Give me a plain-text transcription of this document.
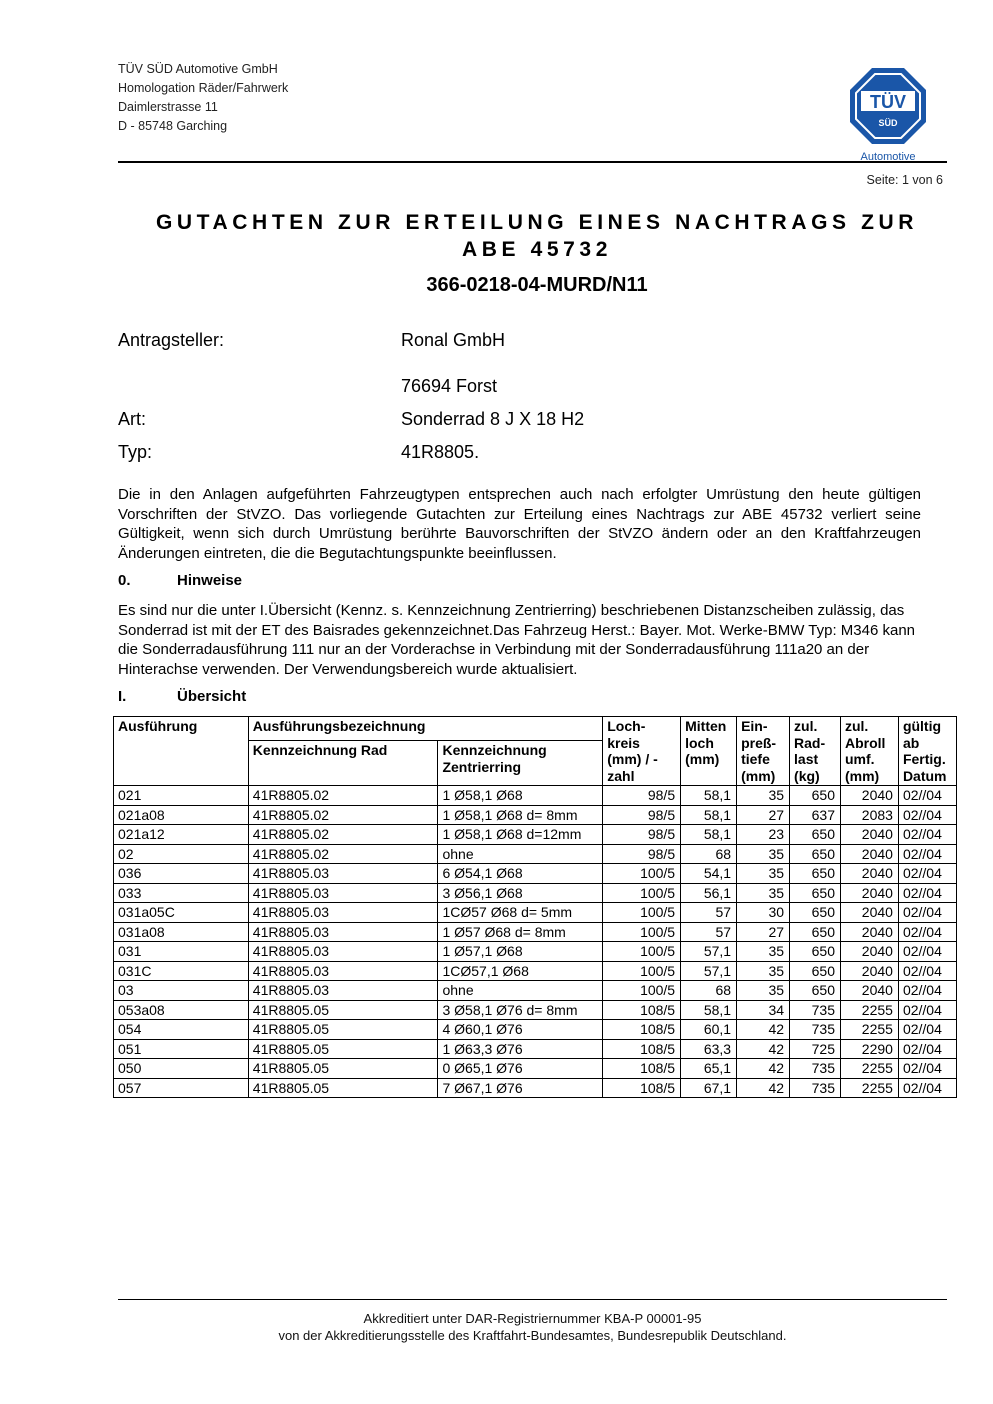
TÜV SÜD Automotive GmbH
Homologation Räder/Fahrwerk
Daimlerstrasse 11
D - 85748 Garching
TÜV
SÜD
Automotive
Seite: 1 von 6
GUTACHTEN ZUR ERTEILUNG EINES NACHTRAGS ZUR
ABE 45732
366-0218-04-MURD/N11
Antragsteller:	Ronal GmbH
76694 Forst
Art:	Sonderrad 8 J X 18 H2
Typ:	41R8805.
Die in den Anlagen aufgeführten Fahrzeugtypen entsprechen auch nach erfolgter Umrüstung den heute gültigen Vorschriften der StVZO. Das vorliegende Gutachten zur Erteilung eines Nachtrags zur ABE 45732 verliert seine Gültigkeit, wenn sich durch Umrüstung berührte Bauvorschriften der StVZO ändern oder an den Kraftfahrzeugen Änderungen eintreten, die die Begutachtungspunkte beeinflussen.
0.	Hinweise
Es sind nur die unter I.Übersicht (Kennz. s. Kennzeichnung Zentrierring) beschriebenen Distanzscheiben zulässig, das Sonderrad ist mit der ET des Baisrades gekennzeichnet.Das Fahrzeug Herst.: Bayer. Mot. Werke-BMW Typ: M346 kann die Sonderradausführung 111 nur an der Vorderachse in Verbindung mit der Sonderradausführung 111a20 an der Hinterachse verwenden. Der Verwendungsbereich wurde aktualisiert.
I.	Übersicht
Ausführung	Ausführungsbezeichnung		Loch-kreis (mm) / -zahl	Mitten loch (mm)	Ein-preß-tiefe (mm)	zul. Rad-last (kg)	zul. Abroll umf. (mm)	gültig ab Fertig. Datum
	Kennzeichnung Rad	Kennzeichnung Zentrierring						
021	41R8805.02	1 Ø58,1 Ø68	98/5	58,1	35	650	2040	02//04
021a08	41R8805.02	1 Ø58,1 Ø68 d= 8mm	98/5	58,1	27	637	2083	02//04
021a12	41R8805.02	1 Ø58,1 Ø68 d=12mm	98/5	58,1	23	650	2040	02//04
02	41R8805.02	ohne	98/5	68	35	650	2040	02//04
036	41R8805.03	6 Ø54,1 Ø68	100/5	54,1	35	650	2040	02//04
033	41R8805.03	3 Ø56,1 Ø68	100/5	56,1	35	650	2040	02//04
031a05C	41R8805.03	1CØ57 Ø68 d= 5mm	100/5	57	30	650	2040	02//04
031a08	41R8805.03	1 Ø57 Ø68 d= 8mm	100/5	57	27	650	2040	02//04
031	41R8805.03	1 Ø57,1 Ø68	100/5	57,1	35	650	2040	02//04
031C	41R8805.03	1CØ57,1 Ø68	100/5	57,1	35	650	2040	02//04
03	41R8805.03	ohne	100/5	68	35	650	2040	02//04
053a08	41R8805.05	3 Ø58,1 Ø76 d= 8mm	108/5	58,1	34	735	2255	02//04
054	41R8805.05	4 Ø60,1 Ø76	108/5	60,1	42	735	2255	02//04
051	41R8805.05	1 Ø63,3 Ø76	108/5	63,3	42	725	2290	02//04
050	41R8805.05	0 Ø65,1 Ø76	108/5	65,1	42	735	2255	02//04
057	41R8805.05	7 Ø67,1 Ø76	108/5	67,1	42	735	2255	02//04
Akkreditiert unter DAR-Registriernummer KBA-P 00001-95
von der Akkreditierungsstelle des Kraftfahrt-Bundesamtes, Bundesrepublik Deutschland.
